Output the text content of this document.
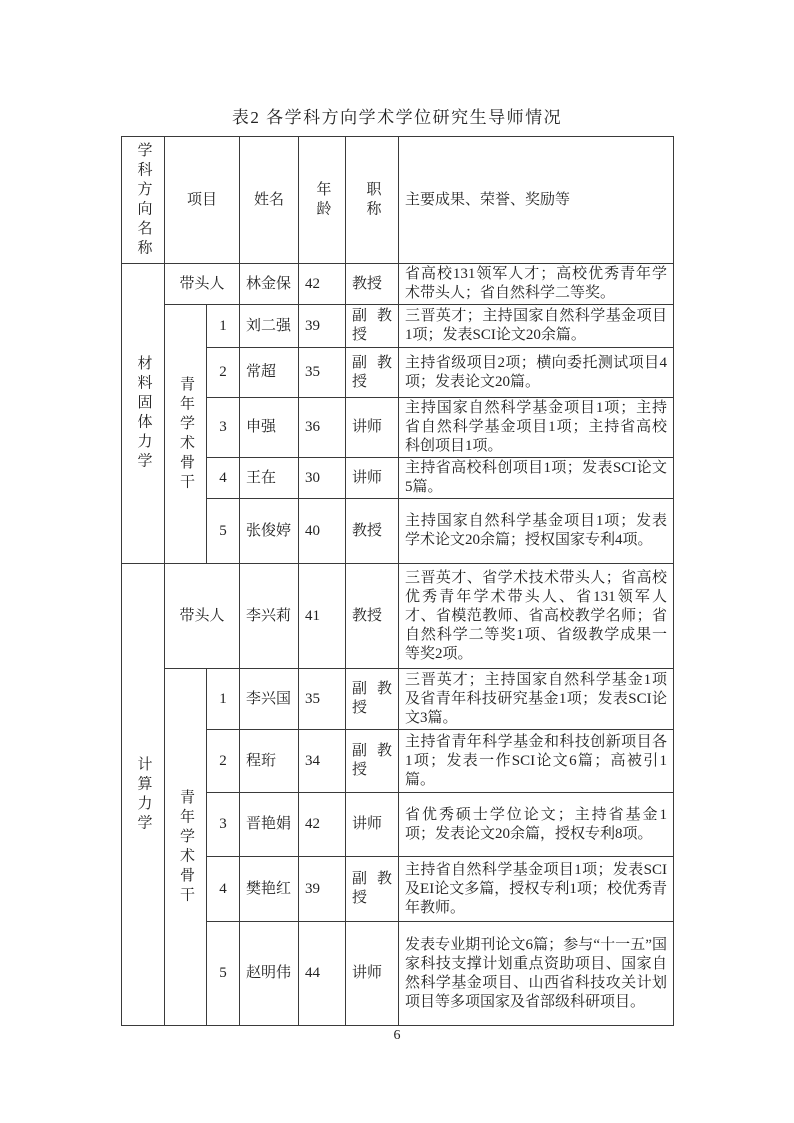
表2 各学科方向学术学位研究生导师情况
学科方向名称	项目		姓名	年龄	职称	主要成果、荣誉、奖励等
材料固体力学	带头人		林金保	42	教授	省高校131领军人才；高校优秀青年学术带头人；省自然科学二等奖。
	青年学术骨干	1	刘二强	39	副教授	三晋英才；主持国家自然科学基金项目1项；发表SCI论文20余篇。
		2	常超	35	副教授	主持省级项目2项；横向委托测试项目4项；发表论文20篇。
		3	申强	36	讲师	主持国家自然科学基金项目1项；主持省自然科学基金项目1项；主持省高校科创项目1项。
		4	王在	30	讲师	主持省高校科创项目1项；发表SCI论文5篇。
		5	张俊婷	40	教授	主持国家自然科学基金项目1项；发表学术论文20余篇；授权国家专利4项。
计算力学	带头人		李兴莉	41	教授	三晋英才、省学术技术带头人；省高校优秀青年学术带头人、省131领军人才、省模范教师、省高校教学名师；省自然科学二等奖1项、省级教学成果一等奖2项。
	青年学术骨干	1	李兴国	35	副教授	三晋英才；主持国家自然科学基金1项及省青年科技研究基金1项；发表SCI论文3篇。
		2	程珩	34	副教授	主持省青年科学基金和科技创新项目各1项；发表一作SCI论文6篇；高被引1篇。
		3	晋艳娟	42	讲师	省优秀硕士学位论文；主持省基金1项；发表论文20余篇，授权专利8项。
		4	樊艳红	39	副教授	主持省自然科学基金项目1项；发表SCI及EI论文多篇，授权专利1项；校优秀青年教师。
		5	赵明伟	44	讲师	发表专业期刊论文6篇；参与“十一五”国家科技支撑计划重点资助项目、国家自然科学基金项目、山西省科技攻关计划项目等多项国家及省部级科研项目。
6
